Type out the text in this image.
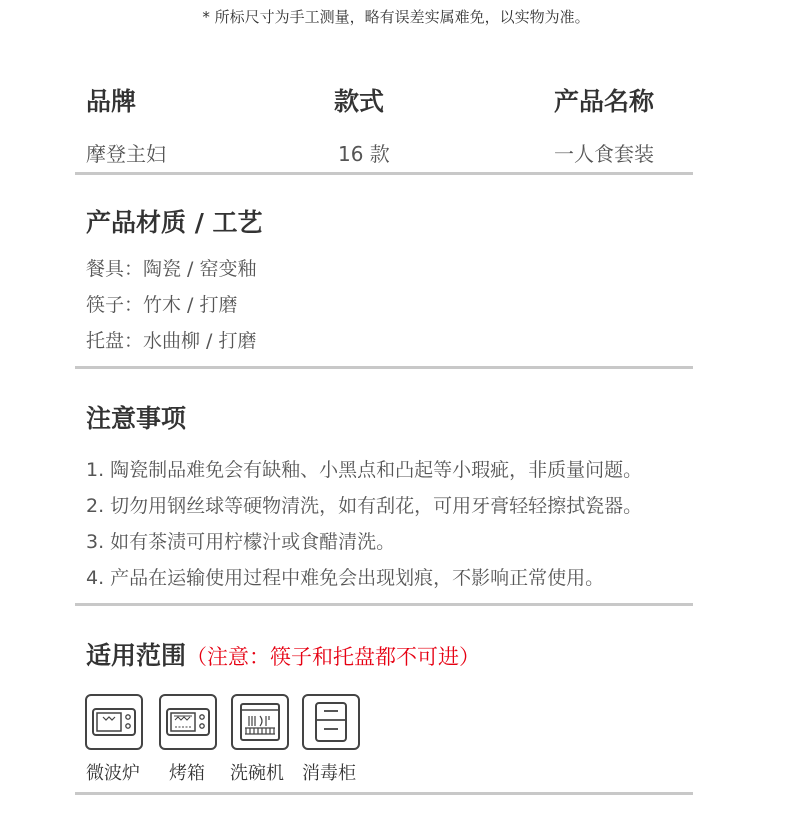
* 所标尺寸为手工测量，略有误差实属难免，以实物为准。
品牌	款式	产品名称
摩登主妇	16 款	一人食套装
产品材质 / 工艺
餐具：陶瓷 / 窑变釉
筷子：竹木 / 打磨
托盘：水曲柳 / 打磨
注意事项
1. 陶瓷制品难免会有缺釉、小黑点和凸起等小瑕疵，非质量问题。
2. 切勿用钢丝球等硬物清洗，如有刮花，可用牙膏轻轻擦拭瓷器。
3. 如有茶渍可用柠檬汁或食醋清洗。
4. 产品在运输使用过程中难免会出现划痕，不影响正常使用。
适用范围（注意：筷子和托盘都不可进）
微波炉 烤箱 洗碗机 消毒柜
